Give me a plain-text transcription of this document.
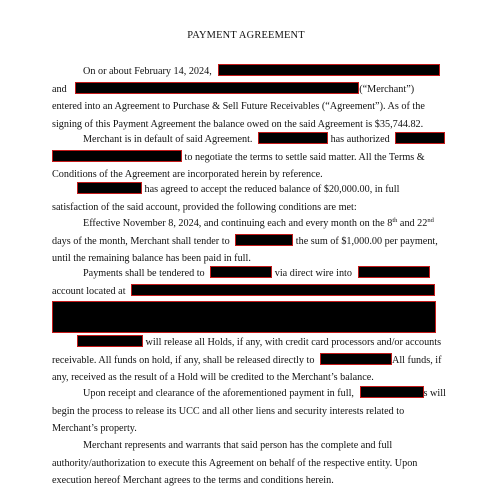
PAYMENT AGREEMENT
On or about February 14, 2024,
and	(“Merchant”)
entered into an Agreement to Purchase & Sell Future Receivables (“Agreement”). As of the
signing of this Payment Agreement the balance owed on the said Agreement is $35,744.82.
Merchant is in default of said Agreement.	has authorized
to negotiate the terms to settle said matter. All the Terms &
Conditions of the Agreement are incorporated herein by reference.
has agreed to accept the reduced balance of $20,000.00, in full
satisfaction of the said account, provided the following conditions are met:
Effective November 8, 2024, and continuing each and every month on the 8th and 22nd
days of the month, Merchant shall tender to	the sum of $1,000.00 per payment,
until the remaining balance has been paid in full.
Payments shall be tendered to	via direct wire into
account located at
will release all Holds, if any, with credit card processors and/or accounts
receivable. All funds on hold, if any, shall be released directly to	All funds, if
any, received as the result of a Hold will be credited to the Merchant’s balance.
Upon receipt and clearance of the aforementioned payment in full,	s will
begin the process to release its UCC and all other liens and security interests related to
Merchant’s property.
Merchant represents and warrants that said person has the complete and full
authority/authorization to execute this Agreement on behalf of the respective entity. Upon
execution hereof Merchant agrees to the terms and conditions herein.
